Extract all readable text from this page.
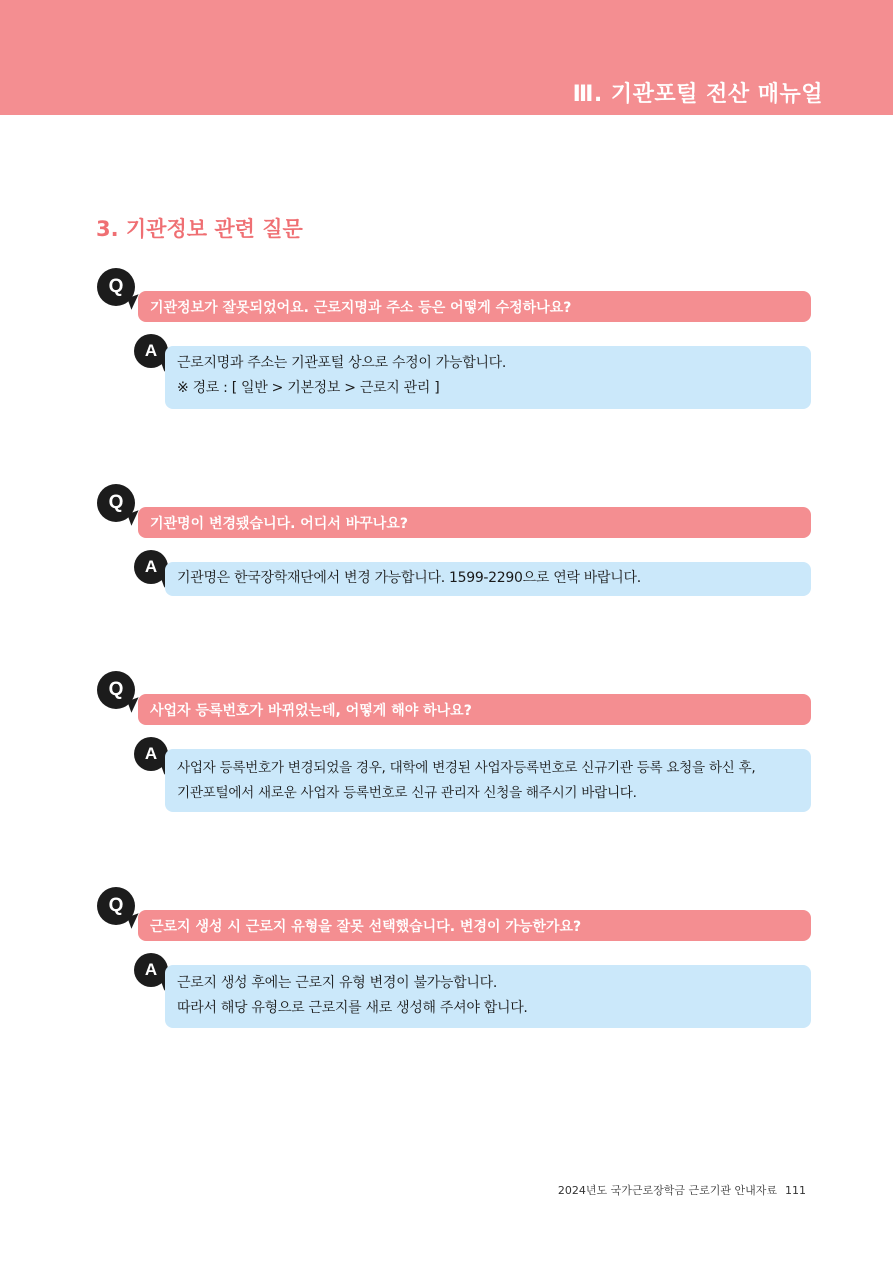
Ⅲ. 기관포털 전산 매뉴얼
3. 기관정보 관련 질문
Q
기관정보가 잘못되었어요. 근로지명과 주소 등은 어떻게 수정하나요?
A
근로지명과 주소는 기관포털 상으로 수정이 가능합니다.
※ 경로 : [ 일반 > 기본정보 > 근로지 관리 ]
Q
기관명이 변경됐습니다. 어디서 바꾸나요?
A
기관명은 한국장학재단에서 변경 가능합니다. 1599-2290으로 연락 바랍니다.
Q
사업자 등록번호가 바뀌었는데, 어떻게 해야 하나요?
A
사업자 등록번호가 변경되었을 경우, 대학에 변경된 사업자등록번호로 신규기관 등록 요청을 하신 후,
기관포털에서 새로운 사업자 등록번호로 신규 관리자 신청을 해주시기 바랍니다.
Q
근로지 생성 시 근로지 유형을 잘못 선택했습니다. 변경이 가능한가요?
A
근로지 생성 후에는 근로지 유형 변경이 불가능합니다.
따라서 해당 유형으로 근로지를 새로 생성해 주셔야 합니다.
2024년도 국가근로장학금 근로기관 안내자료 111
